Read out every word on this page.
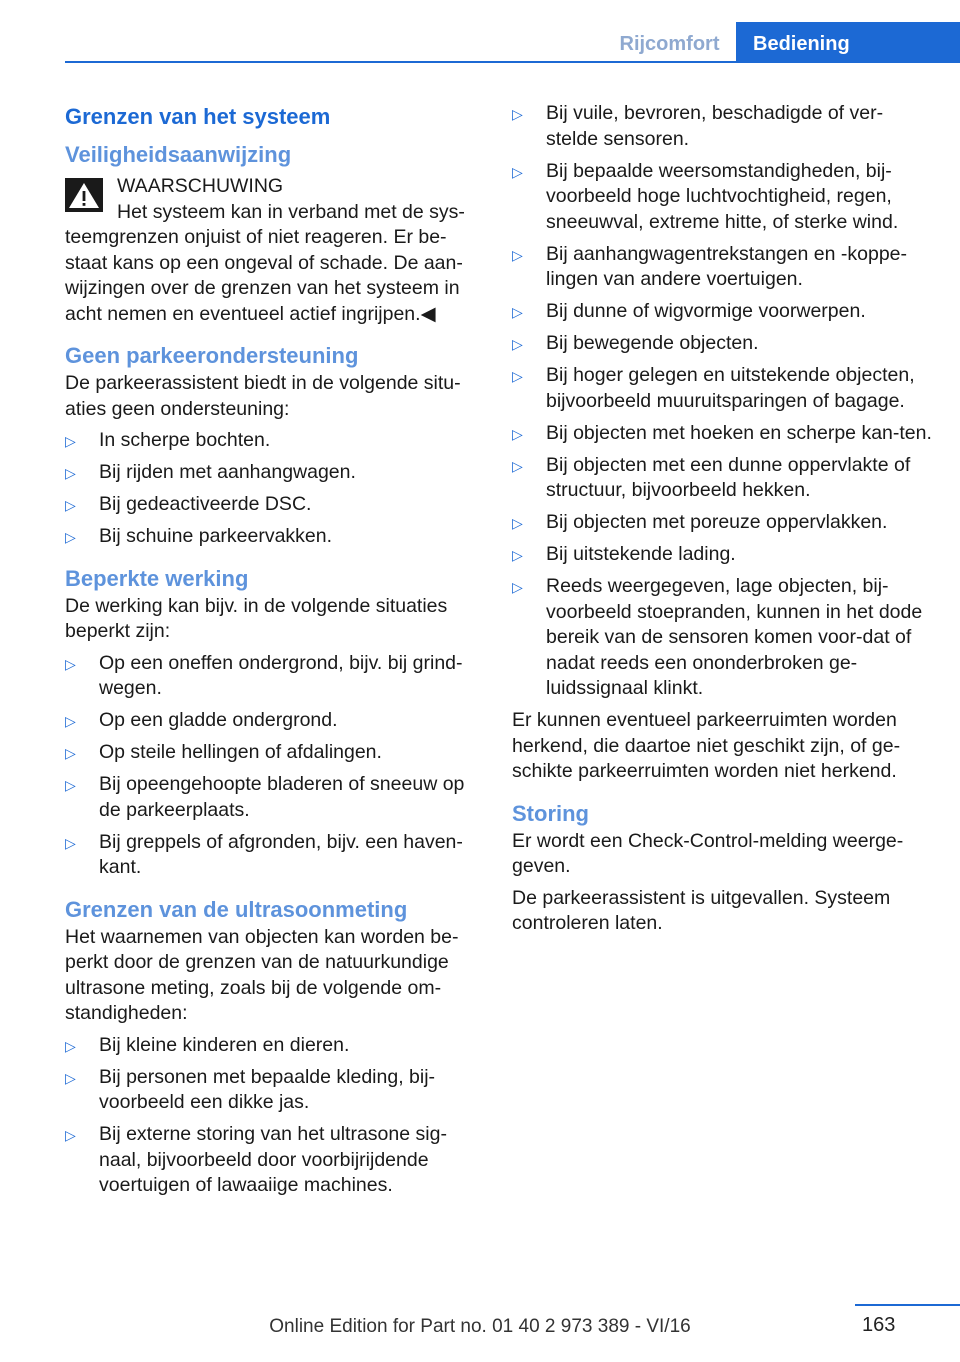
Rijcomfort	Bediening
Grenzen van het systeem
Veiligheidsaanwijzing
WAARSCHUWING
Het systeem kan in verband met de sys-
teemgrenzen onjuist of niet reageren. Er be-staat kans op een ongeval of schade. De aan-wijzingen over de grenzen van het systeem in acht nemen en eventueel actief ingrijpen.◀
Geen parkeerondersteuning

De parkeerassistent biedt in de volgende situ-aties geen ondersteuning:

▷ In scherpe bochten.
▷ Bij rijden met aanhangwagen.
▷ Bij gedeactiveerde DSC.
▷ Bij schuine parkeervakken.
Beperkte werking

De werking kan bijv. in de volgende situaties beperkt zijn:

▷ Op een oneffen ondergrond, bijv. bij grind-wegen.
▷ Op een gladde ondergrond.
▷ Op steile hellingen of afdalingen.
▷ Bij opeengehoopte bladeren of sneeuw op de parkeerplaats.
▷ Bij greppels of afgronden, bijv. een haven-kant.
Grenzen van de ultrasoonmeting

Het waarnemen van objecten kan worden be-perkt door de grenzen van de natuurkundige ultrasone meting, zoals bij de volgende om-standigheden:

▷ Bij kleine kinderen en dieren.
▷ Bij personen met bepaalde kleding, bij-voorbeeld een dikke jas.
▷ Bij externe storing van het ultrasone sig-naal, bijvoorbeeld door voorbijrijdende voertuigen of lawaaiige machines.
▷ Bij vuile, bevroren, beschadigde of ver-stelde sensoren.
▷ Bij bepaalde weersomstandigheden, bij-voorbeeld hoge luchtvochtigheid, regen, sneeuwval, extreme hitte, of sterke wind.
▷ Bij aanhangwagentrekstangen en -koppe-lingen van andere voertuigen.
▷ Bij dunne of wigvormige voorwerpen.
▷ Bij bewegende objecten.
▷ Bij hoger gelegen en uitstekende objecten, bijvoorbeeld muuruitsparingen of bagage.
▷ Bij objecten met hoeken en scherpe kan-ten.
▷ Bij objecten met een dunne oppervlakte of structuur, bijvoorbeeld hekken.
▷ Bij objecten met poreuze oppervlakken.
▷ Bij uitstekende lading.
▷ Reeds weergegeven, lage objecten, bij-voorbeeld stoepranden, kunnen in het dode bereik van de sensoren komen voor-dat of nadat reeds een ononderbroken ge-luidssignaal klinkt.

Er kunnen eventueel parkeerruimten worden herkend, die daartoe niet geschikt zijn, of ge-schikte parkeerruimten worden niet herkend.

Storing

Er wordt een Check-Control-melding weerge-geven.

De parkeerassistent is uitgevallen. Systeem controleren laten.

163
Online Edition for Part no. 01 40 2 973 389 - VI/16
